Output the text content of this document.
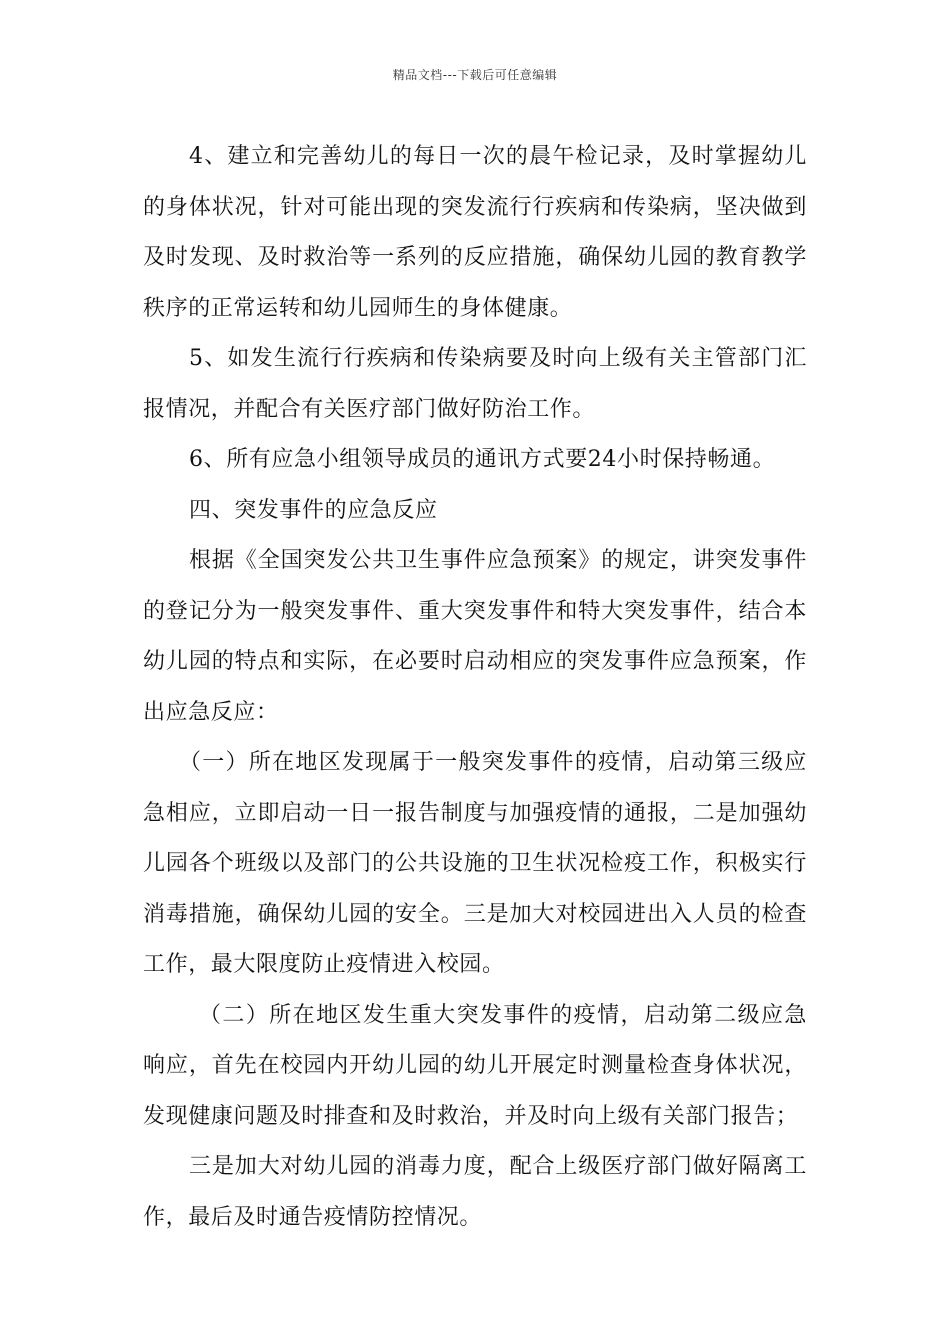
精品文档---下载后可任意编辑

4、建立和完善幼儿的每日一次的晨午检记录，及时掌握幼儿的身体状况，针对可能出现的突发流行行疾病和传染病，坚决做到及时发现、及时救治等一系列的反应措施，确保幼儿园的教育教学秩序的正常运转和幼儿园师生的身体健康。

5、如发生流行行疾病和传染病要及时向上级有关主管部门汇报情况，并配合有关医疗部门做好防治工作。

6、所有应急小组领导成员的通讯方式要24小时保持畅通。

四、突发事件的应急反应

根据《全国突发公共卫生事件应急预案》的规定，讲突发事件的登记分为一般突发事件、重大突发事件和特大突发事件，结合本幼儿园的特点和实际，在必要时启动相应的突发事件应急预案，作出应急反应：

（一）所在地区发现属于一般突发事件的疫情，启动第三级应急相应，立即启动一日一报告制度与加强疫情的通报，二是加强幼儿园各个班级以及部门的公共设施的卫生状况检疫工作，积极实行消毒措施，确保幼儿园的安全。三是加大对校园进出入人员的检查工作，最大限度防止疫情进入校园。

（二）所在地区发生重大突发事件的疫情，启动第二级应急响应，首先在校园内开幼儿园的幼儿开展定时测量检查身体状况，发现健康问题及时排查和及时救治，并及时向上级有关部门报告；

三是加大对幼儿园的消毒力度，配合上级医疗部门做好隔离工作，最后及时通告疫情防控情况。
